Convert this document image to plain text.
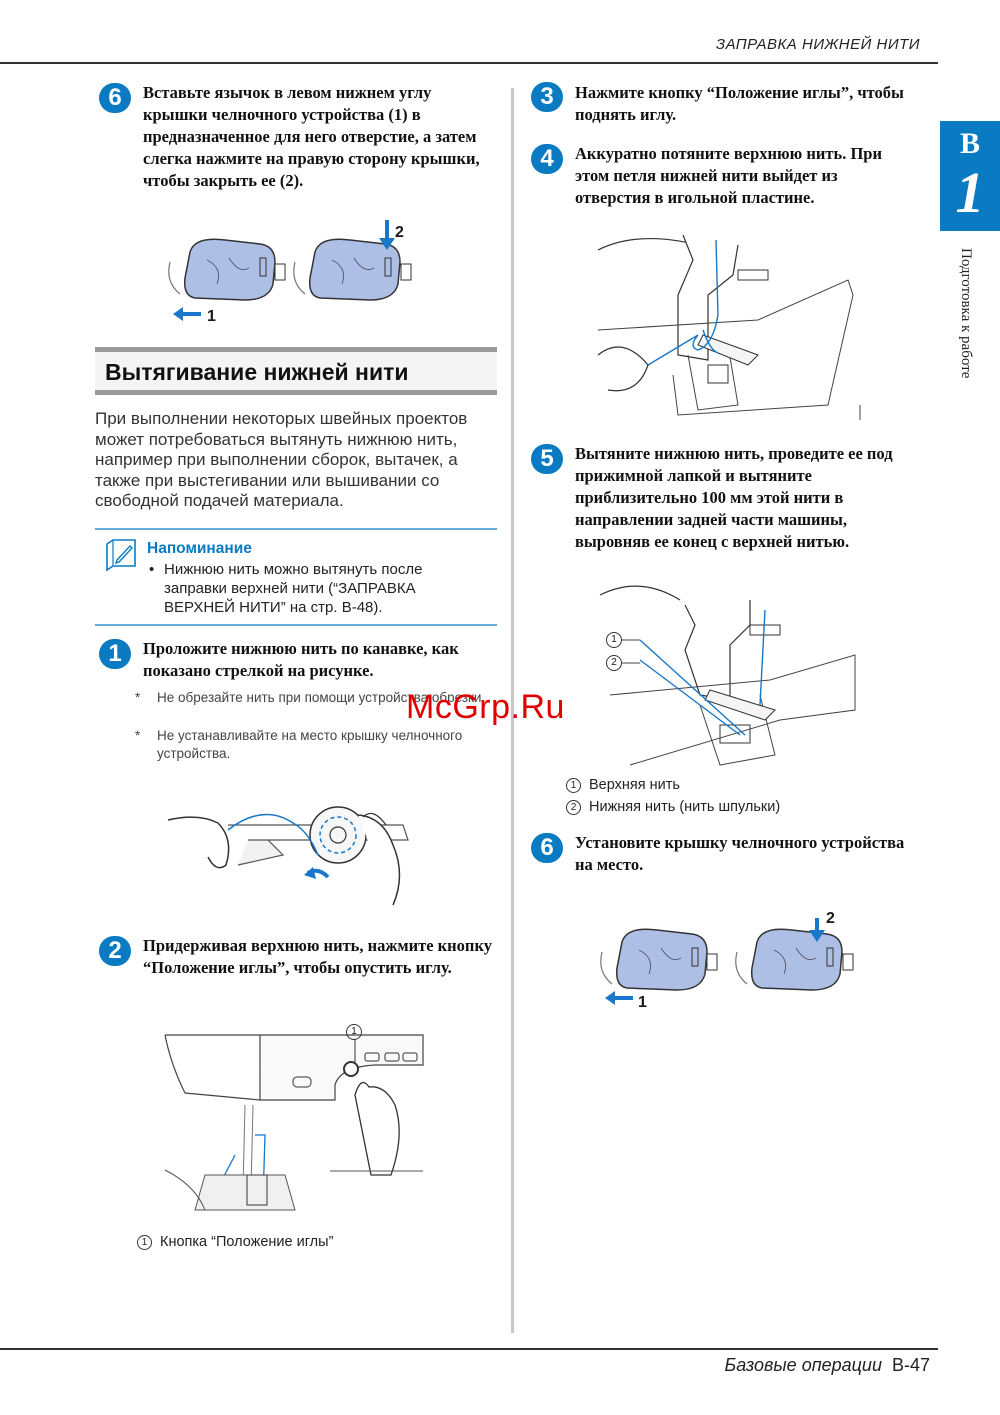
ЗАПРАВКА НИЖНЕЙ НИТИ
B
1
Подготовка к работе
6	Вставьте язычок в левом нижнем углу крышки челночного устройства (1) в предназначенное для него отверстие, а затем слегка нажмите на правую сторону крышки, чтобы закрыть ее (2).
1
2
Вытягивание нижней нити
При выполнении некоторых швейных проектов может потребоваться вытянуть нижнюю нить, например при выполнении сборок, вытачек, а также при выстегивании или вышивании со свободной подачей материала.
Напоминание
• Нижнюю нить можно вытянуть после заправки верхней нити (“ЗАПРАВКА ВЕРХНЕЙ НИТИ” на стр. B-48).
1	Проложите нижнюю нить по канавке, как показано стрелкой на рисунке.
* Не обрезайте нить при помощи устройства обрезки.
* Не устанавливайте на место крышку челночного устройства.
2	Придерживая верхнюю нить, нажмите кнопку “Положение иглы”, чтобы опустить иглу.
1
1 Кнопка “Положение иглы”
3	Нажмите кнопку “Положение иглы”, чтобы поднять иглу.
4	Аккуратно потяните верхнюю нить. При этом петля нижней нити выйдет из отверстия в игольной пластине.
5	Вытяните нижнюю нить, проведите ее под прижимной лапкой и вытяните приблизительно 100 мм этой нити в направлении задней части машины, выровняв ее конец с верхней нитью.
1
2
1 Верхняя нить
2 Нижняя нить (нить шпульки)
6	Установите крышку челночного устройства на место.
1
2
McGrp.Ru
Базовые операции B-47
